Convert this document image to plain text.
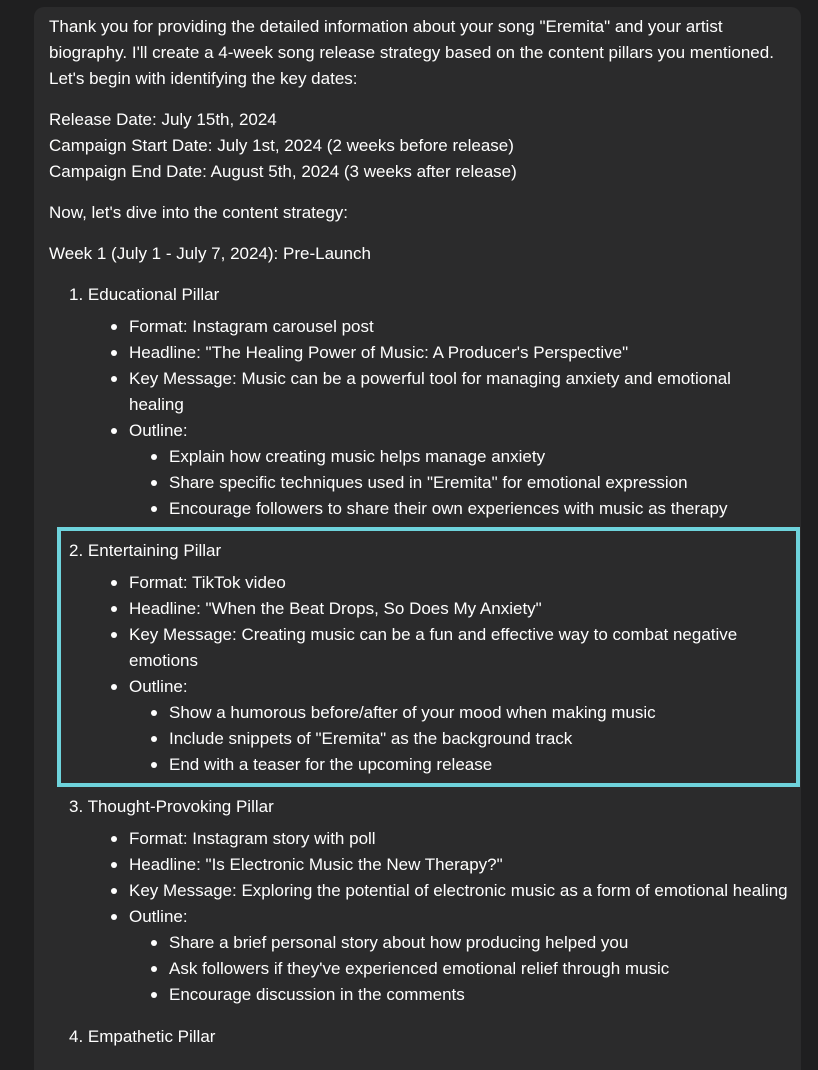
Thank you for providing the detailed information about your song "Eremita" and your artist biography. I'll create a 4-week song release strategy based on the content pillars you mentioned. Let's begin with identifying the key dates:

Release Date: July 15th, 2024

Campaign Start Date: July 1st, 2024 (2 weeks before release)

Campaign End Date: August 5th, 2024 (3 weeks after release)

Now, let's dive into the content strategy:

Week 1 (July 1 - July 7, 2024): Pre-Launch

1. Educational Pillar

Format: Instagram carousel post
Headline: "The Healing Power of Music: A Producer's Perspective"
Key Message: Music can be a powerful tool for managing anxiety and emotional healing
Outline:
Explain how creating music helps manage anxiety
Share specific techniques used in "Eremita" for emotional expression
Encourage followers to share their own experiences with music as therapy

2. Entertaining Pillar

Format: TikTok video
Headline: "When the Beat Drops, So Does My Anxiety"
Key Message: Creating music can be a fun and effective way to combat negative emotions
Outline:
Show a humorous before/after of your mood when making music
Include snippets of "Eremita" as the background track
End with a teaser for the upcoming release

3. Thought-Provoking Pillar

Format: Instagram story with poll
Headline: "Is Electronic Music the New Therapy?"
Key Message: Exploring the potential of electronic music as a form of emotional healing
Outline:
Share a brief personal story about how producing helped you
Ask followers if they've experienced emotional relief through music
Encourage discussion in the comments

4. Empathetic Pillar
